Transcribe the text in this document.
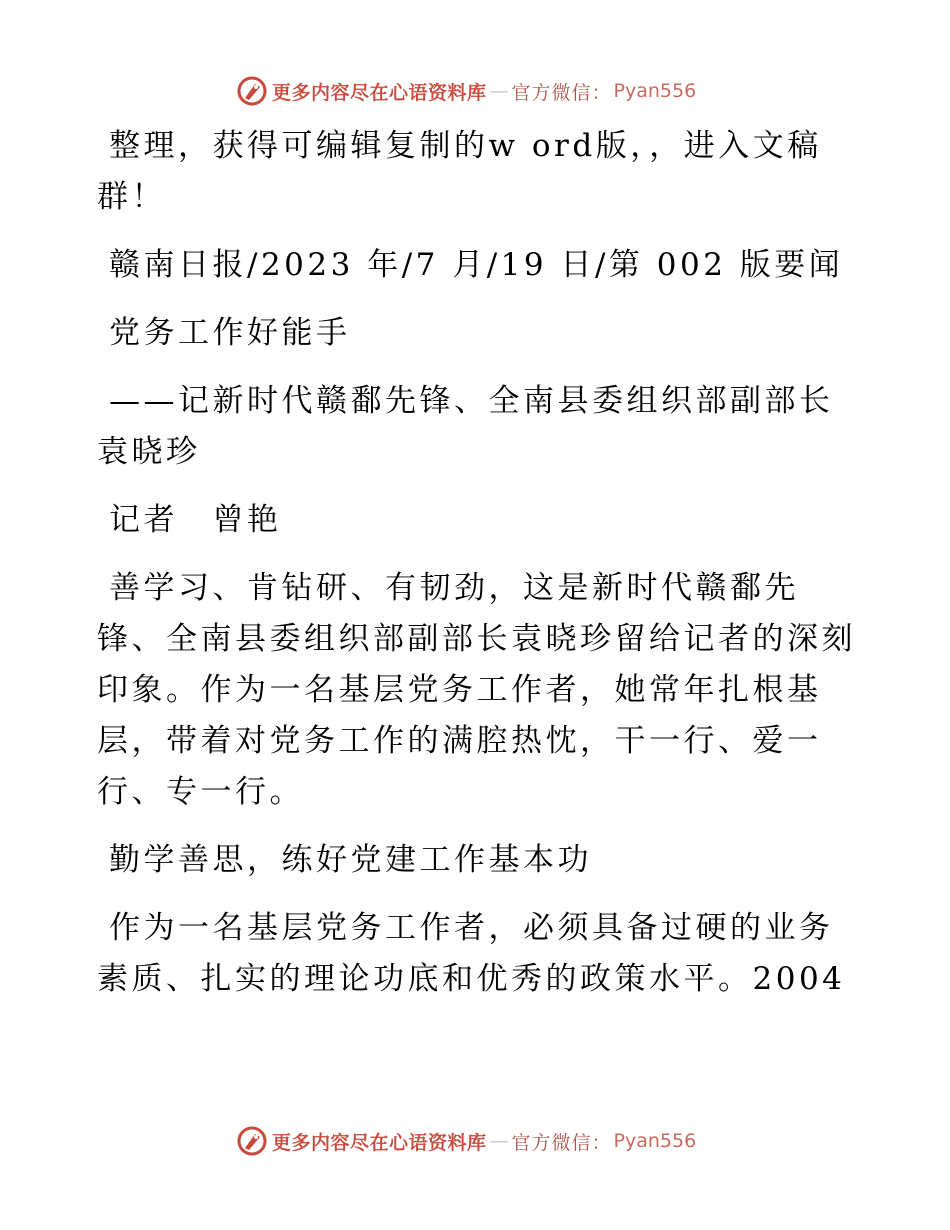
更多内容尽在心语资料库 — 官方微信： Pyan556

整理，获得可编辑复制的w ord版，，进入文稿群！

赣南日报/2023 年/7 月/19 日/第 002 版要闻

党务工作好能手

——记新时代赣鄱先锋、全南县委组织部副部长袁晓珍

记者　曾艳

善学习、肯钻研、有韧劲，这是新时代赣鄱先锋、全南县委组织部副部长袁晓珍留给记者的深刻印象。作为一名基层党务工作者，她常年扎根基层，带着对党务工作的满腔热忱，干一行、爱一行、专一行。

勤学善思，练好党建工作基本功

作为一名基层党务工作者，必须具备过硬的业务素质、扎实的理论功底和优秀的政策水平。2004

更多内容尽在心语资料库 — 官方微信： Pyan556
